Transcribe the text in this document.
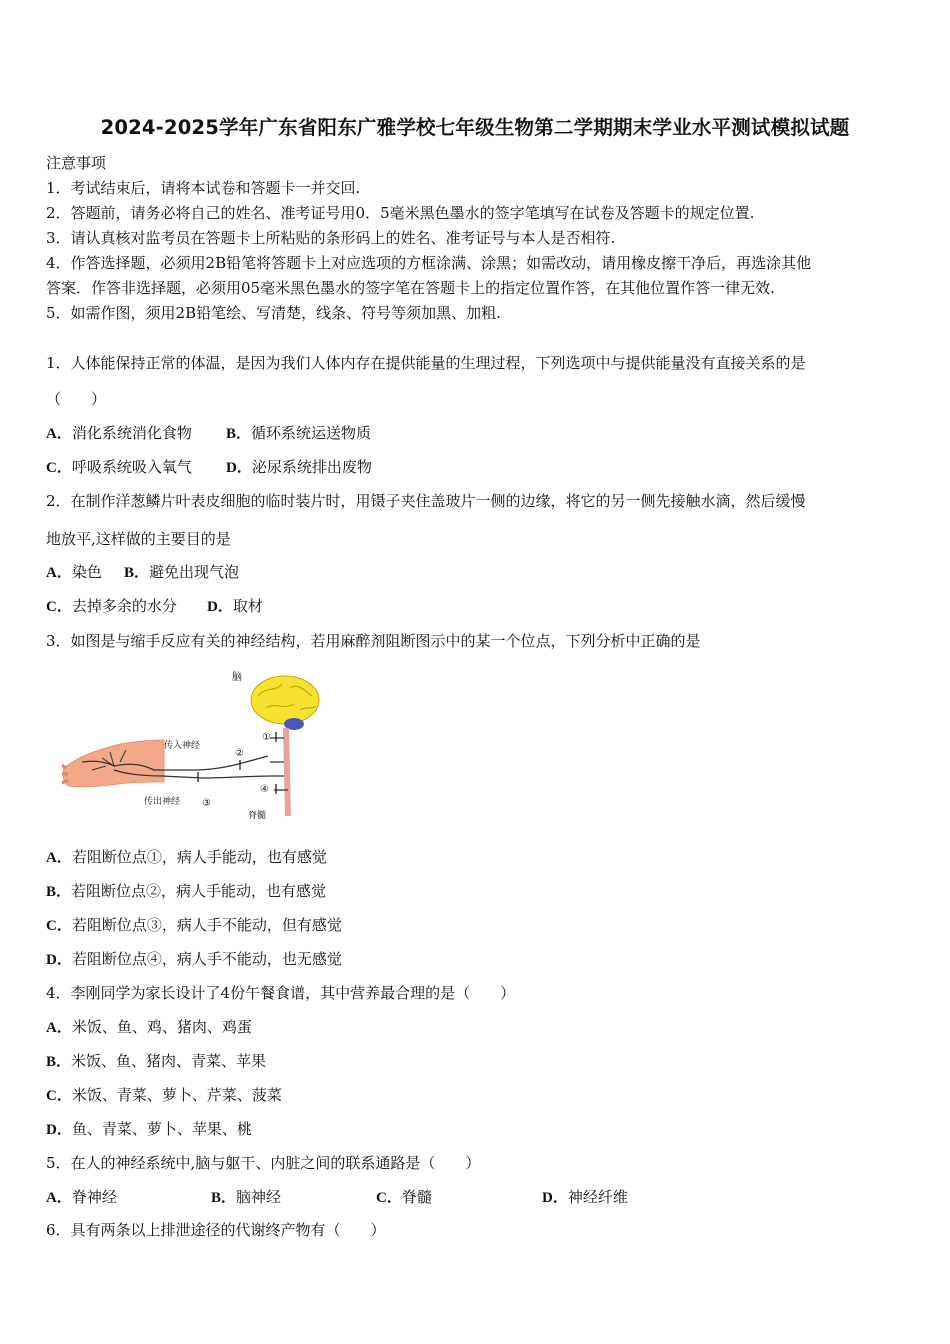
2024-2025学年广东省阳东广雅学校七年级生物第二学期期末学业水平测试模拟试题
注意事项
1．考试结束后，请将本试卷和答题卡一并交回.
2．答题前，请务必将自己的姓名、准考证号用0．5毫米黑色墨水的签字笔填写在试卷及答题卡的规定位置.
3．请认真核对监考员在答题卡上所粘贴的条形码上的姓名、准考证号与本人是否相符.
4．作答选择题，必须用2B铅笔将答题卡上对应选项的方框涂满、涂黑；如需改动，请用橡皮擦干净后，再选涂其他
答案．作答非选择题，必须用05毫米黑色墨水的签字笔在答题卡上的指定位置作答，在其他位置作答一律无效.
5．如需作图，须用2B铅笔绘、写清楚，线条、符号等须加黑、加粗.
1．人体能保持正常的体温，是因为我们人体内存在提供能量的生理过程，下列选项中与提供能量没有直接关系的是
（　　）
A．消化系统消化食物 B．循环系统运送物质
C．呼吸系统吸入氧气 D．泌尿系统排出废物
2．在制作洋葱鳞片叶表皮细胞的临时装片时，用镊子夹住盖玻片一侧的边缘，将它的另一侧先接触水滴，然后缓慢
地放平,这样做的主要目的是
A．染色 B．避免出现气泡
C．去掉多余的水分 D．取材
3．如图是与缩手反应有关的神经结构，若用麻醉剂阻断图示中的某一个位点，下列分析中正确的是
脑
传入神经
传出神经
脊髓
①
②
③
④
A．若阻断位点①，病人手能动，也有感觉
B．若阻断位点②，病人手能动，也有感觉
C．若阻断位点③，病人手不能动，但有感觉
D．若阻断位点④，病人手不能动，也无感觉
4．李刚同学为家长设计了4份午餐食谱，其中营养最合理的是（　　）
A．米饭、鱼、鸡、猪肉、鸡蛋
B．米饭、鱼、猪肉、青菜、苹果
C．米饭、青菜、萝卜、芹菜、菠菜
D．鱼、青菜、萝卜、苹果、桃
5．在人的神经系统中,脑与躯干、内脏之间的联系通路是（　　）
A．脊神经	B．脑神经	C．脊髓	D．神经纤维
6．具有两条以上排泄途径的代谢终产物有（　　）
